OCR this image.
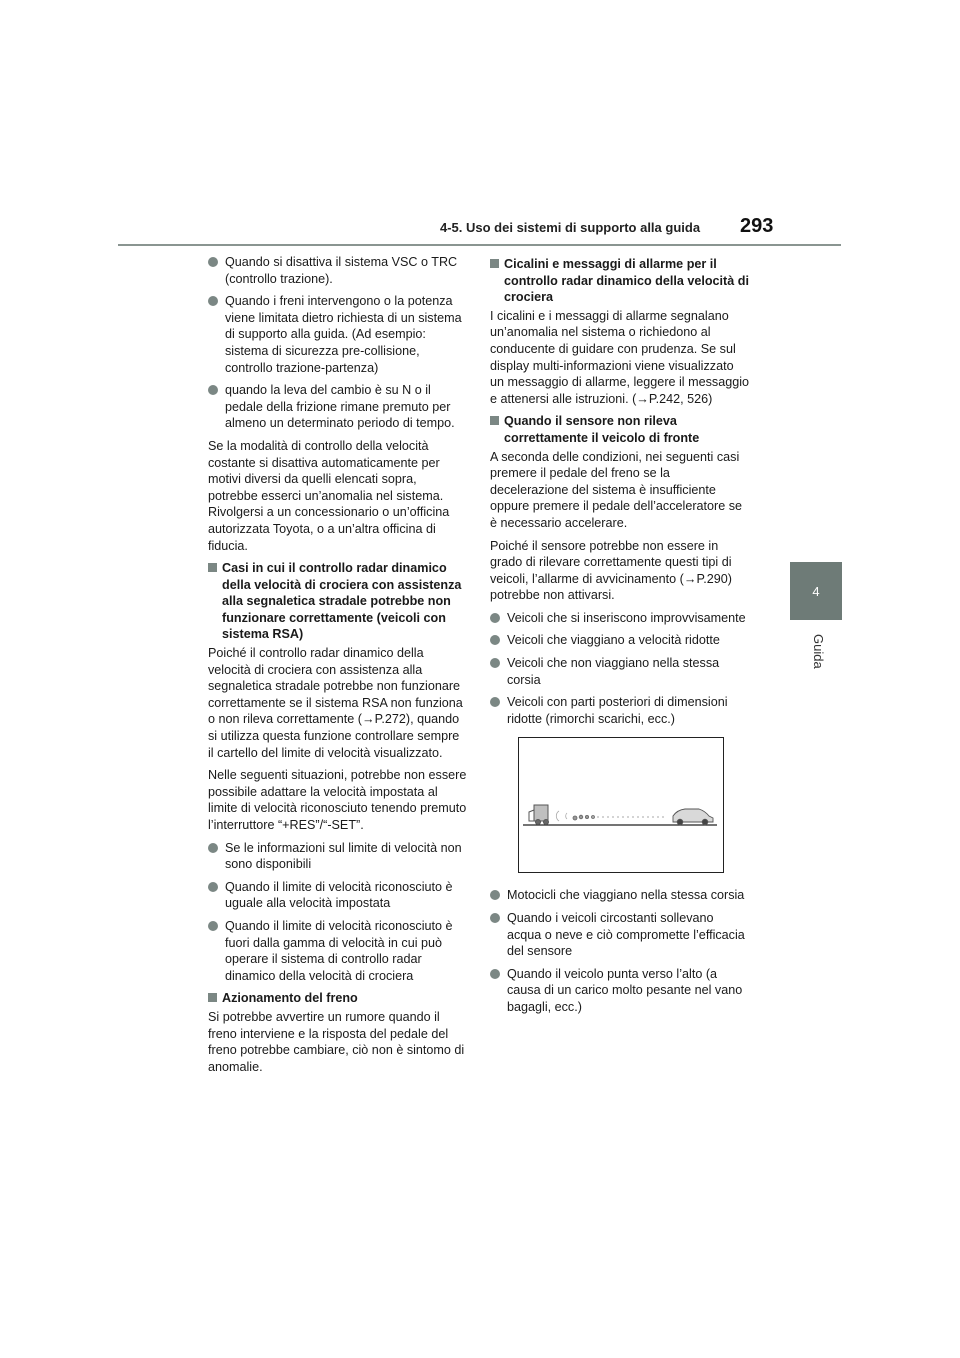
4-5. Uso dei sistemi di supporto alla guida 293
4
Guida
Quando si disattiva il sistema VSC o TRC (controllo trazione).
Quando i freni intervengono o la potenza viene limitata dietro richiesta di un sistema di supporto alla guida. (Ad esempio: sistema di sicurezza pre-collisione, controllo trazione-partenza)
quando la leva del cambio è su N o il pedale della frizione rimane premuto per almeno un determinato periodo di tempo.

Se la modalità di controllo della velocità costante si disattiva automaticamente per motivi diversi da quelli elencati sopra, potrebbe esserci un’anomalia nel sistema. Rivolgersi a un concessionario o un’officina autorizzata Toyota, o a un’altra officina di fiducia.

Casi in cui il controllo radar dinamico della velocità di crociera con assistenza alla segnaletica stradale potrebbe non funzionare correttamente (veicoli con sistema RSA)

Poiché il controllo radar dinamico della velocità di crociera con assistenza alla segnaletica stradale potrebbe non funzionare correttamente se il sistema RSA non funziona o non rileva correttamente (→P.272), quando si utilizza questa funzione controllare sempre il cartello del limite di velocità visualizzato.

Nelle seguenti situazioni, potrebbe non essere possibile adattare la velocità impostata al limite di velocità riconosciuto tenendo premuto l’interruttore “+RES”/“-SET”.

Se le informazioni sul limite di velocità non sono disponibili
Quando il limite di velocità riconosciuto è uguale alla velocità impostata
Quando il limite di velocità riconosciuto è fuori dalla gamma di velocità in cui può operare il sistema di controllo radar dinamico della velocità di crociera
Azionamento del freno

Si potrebbe avvertire un rumore quando il freno interviene e la risposta del pedale del freno potrebbe cambiare, ciò non è sintomo di anomalie.

Cicalini e messaggi di allarme per il controllo radar dinamico della velocità di crociera

I cicalini e i messaggi di allarme segnalano un’anomalia nel sistema o richiedono al conducente di guidare con prudenza. Se sul display multi-informazioni viene visualizzato un messaggio di allarme, leggere il messaggio e attenersi alle istruzioni. (→P.242, 526)

Quando il sensore non rileva correttamente il veicolo di fronte

A seconda delle condizioni, nei seguenti casi premere il pedale del freno se la decelerazione del sistema è insufficiente oppure premere il pedale dell’acceleratore se è necessario accelerare.

Poiché il sensore potrebbe non essere in grado di rilevare correttamente questi tipi di veicoli, l’allarme di avvicinamento (→P.290) potrebbe non attivarsi.

Veicoli che si inseriscono improvvisamente
Veicoli che viaggiano a velocità ridotte
Veicoli che non viaggiano nella stessa corsia
Veicoli con parti posteriori di dimensioni ridotte (rimorchi scarichi, ecc.)
Motocicli che viaggiano nella stessa corsia
Quando i veicoli circostanti sollevano acqua o neve e ciò compromette l’efficacia del sensore
Quando il veicolo punta verso l’alto (a causa di un carico molto pesante nel vano bagagli, ecc.)
